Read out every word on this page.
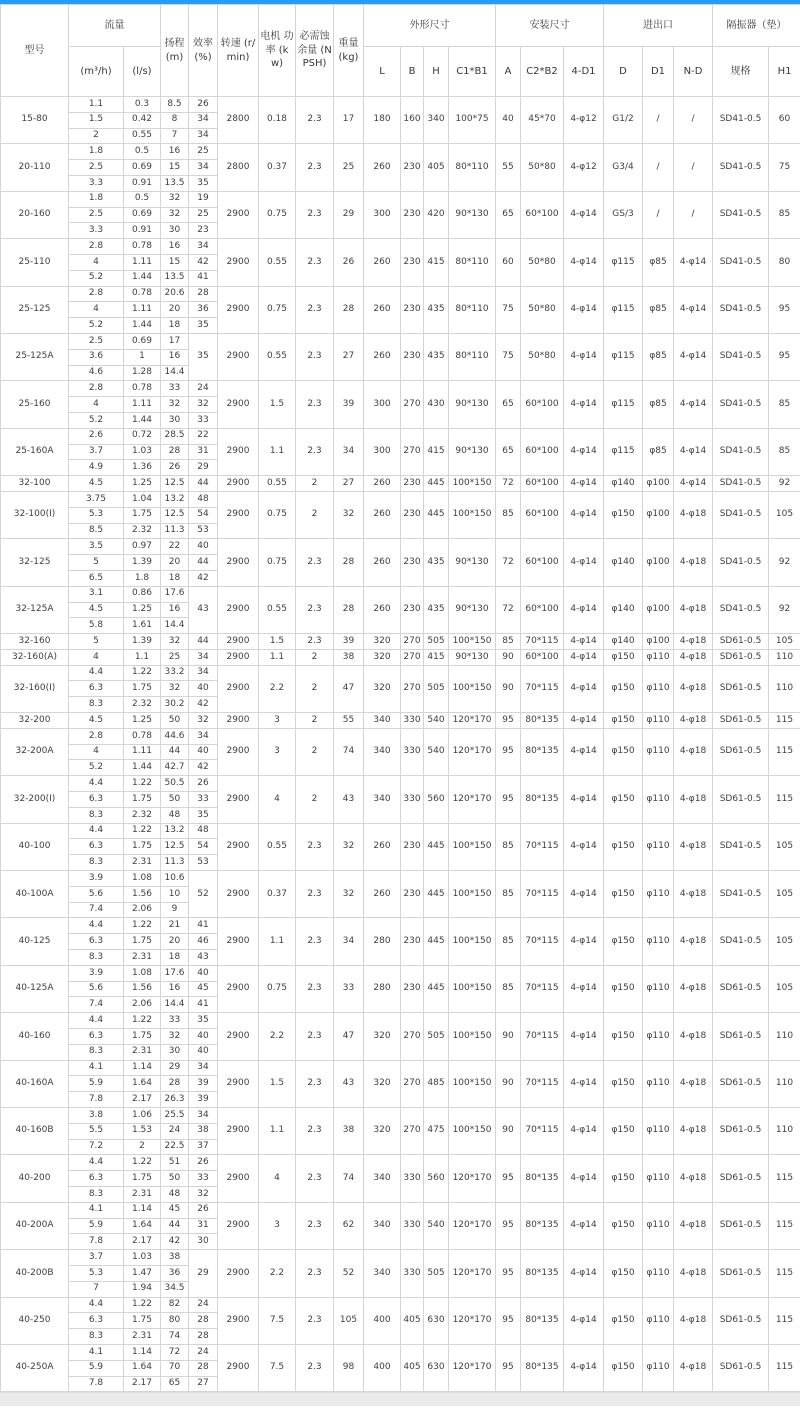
型号	流量		扬程 (m)	效率 (%)	转速 (r/min)	电机 功率 (kw)	必需蚀余量 (NPSH)	重量 (kg)	外形尺寸				安装尺寸			进出口			隔振器（垫）	
	(m³/h)	(l/s)							L	B	H	C1*B1	A	C2*B2	4-D1	D	D1	N-D	规格	H1
15-80	1.1	0.3	8.5	26	2800	0.18	2.3	17	180	160	340	100*75	40	45*70	4-φ12	G1/2	/	/	SD41-0.5	60
	1.5	0.42	8	34																
	2	0.55	7	34																
20-110	1.8	0.5	16	25	2800	0.37	2.3	25	260	230	405	80*110	55	50*80	4-φ12	G3/4	/	/	SD41-0.5	75
	2.5	0.69	15	34																
	3.3	0.91	13.5	35																
20-160	1.8	0.5	32	19	2900	0.75	2.3	29	300	230	420	90*130	65	60*100	4-φ14	GS/3	/	/	SD41-0.5	85
	2.5	0.69	32	25																
	3.3	0.91	30	23																
25-110	2.8	0.78	16	34	2900	0.55	2.3	26	260	230	415	80*110	60	50*80	4-φ14	φ115	φ85	4-φ14	SD41-0.5	80
	4	1.11	15	42																
	5.2	1.44	13.5	41																
25-125	2.8	0.78	20.6	28	2900	0.75	2.3	28	260	230	435	80*110	75	50*80	4-φ14	φ115	φ85	4-φ14	SD41-0.5	95
	4	1.11	20	36																
	5.2	1.44	18	35																
25-125A	2.5	0.69	17	35	2900	0.55	2.3	27	260	230	435	80*110	75	50*80	4-φ14	φ115	φ85	4-φ14	SD41-0.5	95
	3.6	1	16																	
	4.6	1.28	14.4																	
25-160	2.8	0.78	33	24	2900	1.5	2.3	39	300	270	430	90*130	65	60*100	4-φ14	φ115	φ85	4-φ14	SD41-0.5	85
	4	1.11	32	32																
	5.2	1.44	30	33																
25-160A	2.6	0.72	28.5	22	2900	1.1	2.3	34	300	270	415	90*130	65	60*100	4-φ14	φ115	φ85	4-φ14	SD41-0.5	85
	3.7	1.03	28	31																
	4.9	1.36	26	29																
32-100	4.5	1.25	12.5	44	2900	0.55	2	27	260	230	445	100*150	72	60*100	4-φ14	φ140	φ100	4-φ14	SD41-0.5	92
32-100(I)	3.75	1.04	13.2	48	2900	0.75	2	32	260	230	445	100*150	85	60*100	4-φ14	φ150	φ100	4-φ18	SD41-0.5	105
	5.3	1.75	12.5	54																
	8.5	2.32	11.3	53																
32-125	3.5	0.97	22	40	2900	0.75	2.3	28	260	230	435	90*130	72	60*100	4-φ14	φ140	φ100	4-φ18	SD41-0.5	92
	5	1.39	20	44																
	6.5	1.8	18	42																
32-125A	3.1	0.86	17.6	43	2900	0.55	2.3	28	260	230	435	90*130	72	60*100	4-φ14	φ140	φ100	4-φ18	SD41-0.5	92
	4.5	1.25	16																	
	5.8	1.61	14.4																	
32-160	5	1.39	32	44	2900	1.5	2.3	39	320	270	505	100*150	85	70*115	4-φ14	φ140	φ100	4-φ18	SD61-0.5	105
32-160(A)	4	1.1	25	34	2900	1.1	2	38	320	270	415	90*130	90	60*100	4-φ14	φ150	φ110	4-φ18	SD61-0.5	110
32-160(I)	4.4	1.22	33.2	34	2900	2.2	2	47	320	270	505	100*150	90	70*115	4-φ14	φ150	φ110	4-φ18	SD61-0.5	110
	6.3	1.75	32	40																
	8.3	2.32	30.2	42																
32-200	4.5	1.25	50	32	2900	3	2	55	340	330	540	120*170	95	80*135	4-φ14	φ150	φ110	4-φ18	SD61-0.5	115
32-200A	2.8	0.78	44.6	34	2900	3	2	74	340	330	540	120*170	95	80*135	4-φ14	φ150	φ110	4-φ18	SD61-0.5	115
	4	1.11	44	40																
	5.2	1.44	42.7	42																
32-200(I)	4.4	1.22	50.5	26	2900	4	2	43	340	330	560	120*170	95	80*135	4-φ14	φ150	φ110	4-φ18	SD61-0.5	115
	6.3	1.75	50	33																
	8.3	2.32	48	35																
40-100	4.4	1.22	13.2	48	2900	0.55	2.3	32	260	230	445	100*150	85	70*115	4-φ14	φ150	φ110	4-φ18	SD41-0.5	105
	6.3	1.75	12.5	54																
	8.3	2.31	11.3	53																
40-100A	3.9	1.08	10.6	52	2900	0.37	2.3	32	260	230	445	100*150	85	70*115	4-φ14	φ150	φ110	4-φ18	SD41-0.5	105
	5.6	1.56	10																	
	7.4	2.06	9																	
40-125	4.4	1.22	21	41	2900	1.1	2.3	34	280	230	445	100*150	85	70*115	4-φ14	φ150	φ110	4-φ18	SD41-0.5	105
	6.3	1.75	20	46																
	8.3	2.31	18	43																
40-125A	3.9	1.08	17.6	40	2900	0.75	2.3	33	280	230	445	100*150	85	70*115	4-φ14	φ150	φ110	4-φ18	SD61-0.5	105
	5.6	1.56	16	45																
	7.4	2.06	14.4	41																
40-160	4.4	1.22	33	35	2900	2.2	2.3	47	320	270	505	100*150	90	70*115	4-φ14	φ150	φ110	4-φ18	SD61-0.5	110
	6.3	1.75	32	40																
	8.3	2.31	30	40																
40-160A	4.1	1.14	29	34	2900	1.5	2.3	43	320	270	485	100*150	90	70*115	4-φ14	φ150	φ110	4-φ18	SD61-0.5	110
	5.9	1.64	28	39																
	7.8	2.17	26.3	39																
40-160B	3.8	1.06	25.5	34	2900	1.1	2.3	38	320	270	475	100*150	90	70*115	4-φ14	φ150	φ110	4-φ18	SD61-0.5	110
	5.5	1.53	24	38																
	7.2	2	22.5	37																
40-200	4.4	1.22	51	26	2900	4	2.3	74	340	330	560	120*170	95	80*135	4-φ14	φ150	φ110	4-φ18	SD61-0.5	115
	6.3	1.75	50	33																
	8.3	2.31	48	32																
40-200A	4.1	1.14	45	26	2900	3	2.3	62	340	330	540	120*170	95	80*135	4-φ14	φ150	φ110	4-φ18	SD61-0.5	115
	5.9	1.64	44	31																
	7.8	2.17	42	30																
40-200B	3.7	1.03	38	29	2900	2.2	2.3	52	340	330	505	120*170	95	80*135	4-φ14	φ150	φ110	4-φ18	SD61-0.5	115
	5.3	1.47	36																	
	7	1.94	34.5																	
40-250	4.4	1.22	82	24	2900	7.5	2.3	105	400	405	630	120*170	95	80*135	4-φ14	φ150	φ110	4-φ18	SD61-0.5	115
	6.3	1.75	80	28																
	8.3	2.31	74	28																
40-250A	4.1	1.14	72	24	2900	7.5	2.3	98	400	405	630	120*170	95	80*135	4-φ14	φ150	φ110	4-φ18	SD61-0.5	115
	5.9	1.64	70	28																
	7.8	2.17	65	27																
